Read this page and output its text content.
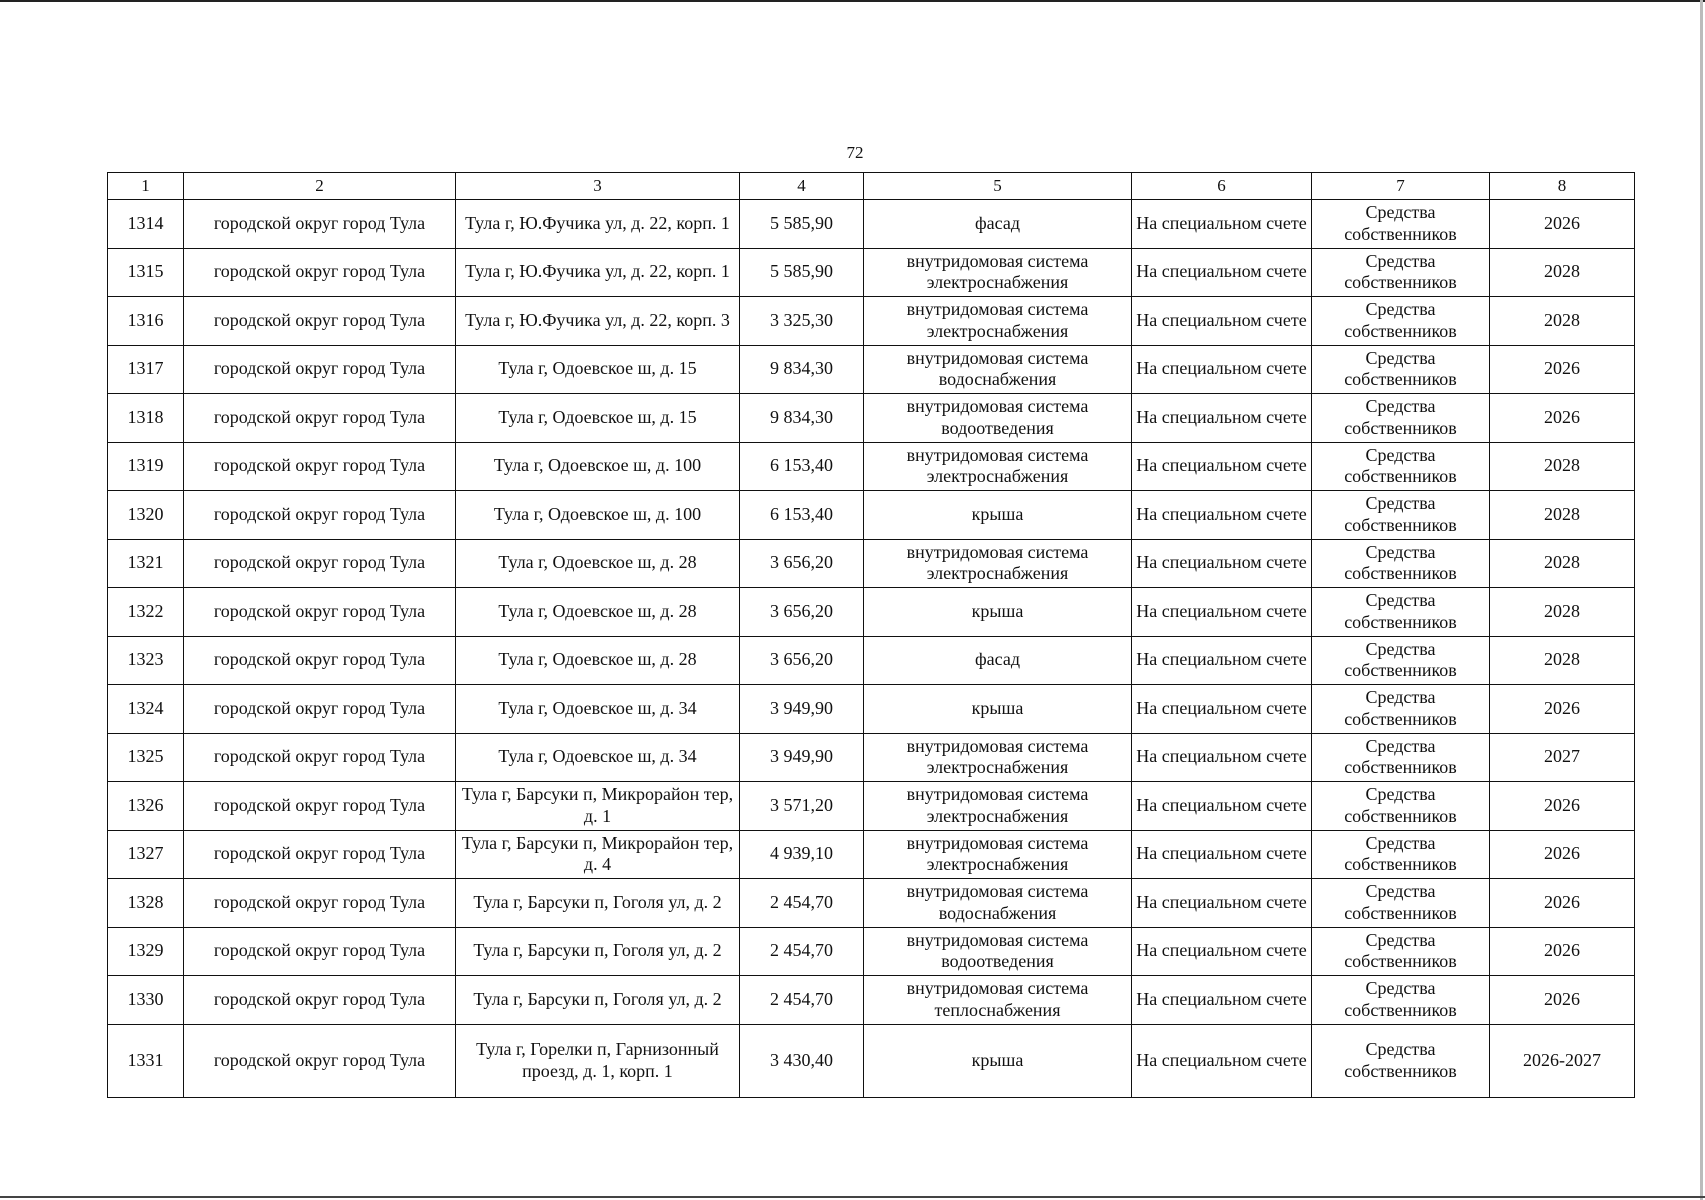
72
1	2	3	4	5	6	7	8
1314	городской округ город Тула	Тула г, Ю.Фучика ул, д. 22, корп. 1	5 585,90	фасад	На специальном счете	Средства собственников	2026
1315	городской округ город Тула	Тула г, Ю.Фучика ул, д. 22, корп. 1	5 585,90	внутридомовая система электроснабжения	На специальном счете	Средства собственников	2028
1316	городской округ город Тула	Тула г, Ю.Фучика ул, д. 22, корп. 3	3 325,30	внутридомовая система электроснабжения	На специальном счете	Средства собственников	2028
1317	городской округ город Тула	Тула г, Одоевское ш, д. 15	9 834,30	внутридомовая система водоснабжения	На специальном счете	Средства собственников	2026
1318	городской округ город Тула	Тула г, Одоевское ш, д. 15	9 834,30	внутридомовая система водоотведения	На специальном счете	Средства собственников	2026
1319	городской округ город Тула	Тула г, Одоевское ш, д. 100	6 153,40	внутридомовая система электроснабжения	На специальном счете	Средства собственников	2028
1320	городской округ город Тула	Тула г, Одоевское ш, д. 100	6 153,40	крыша	На специальном счете	Средства собственников	2028
1321	городской округ город Тула	Тула г, Одоевское ш, д. 28	3 656,20	внутридомовая система электроснабжения	На специальном счете	Средства собственников	2028
1322	городской округ город Тула	Тула г, Одоевское ш, д. 28	3 656,20	крыша	На специальном счете	Средства собственников	2028
1323	городской округ город Тула	Тула г, Одоевское ш, д. 28	3 656,20	фасад	На специальном счете	Средства собственников	2028
1324	городской округ город Тула	Тула г, Одоевское ш, д. 34	3 949,90	крыша	На специальном счете	Средства собственников	2026
1325	городской округ город Тула	Тула г, Одоевское ш, д. 34	3 949,90	внутридомовая система электроснабжения	На специальном счете	Средства собственников	2027
1326	городской округ город Тула	Тула г, Барсуки п, Микрорайон тер, д. 1	3 571,20	внутридомовая система электроснабжения	На специальном счете	Средства собственников	2026
1327	городской округ город Тула	Тула г, Барсуки п, Микрорайон тер, д. 4	4 939,10	внутридомовая система электроснабжения	На специальном счете	Средства собственников	2026
1328	городской округ город Тула	Тула г, Барсуки п, Гоголя ул, д. 2	2 454,70	внутридомовая система водоснабжения	На специальном счете	Средства собственников	2026
1329	городской округ город Тула	Тула г, Барсуки п, Гоголя ул, д. 2	2 454,70	внутридомовая система водоотведения	На специальном счете	Средства собственников	2026
1330	городской округ город Тула	Тула г, Барсуки п, Гоголя ул, д. 2	2 454,70	внутридомовая система теплоснабжения	На специальном счете	Средства собственников	2026
1331	городской округ город Тула	Тула г, Горелки п, Гарнизонный проезд, д. 1, корп. 1	3 430,40	крыша	На специальном счете	Средства собственников	2026-2027
